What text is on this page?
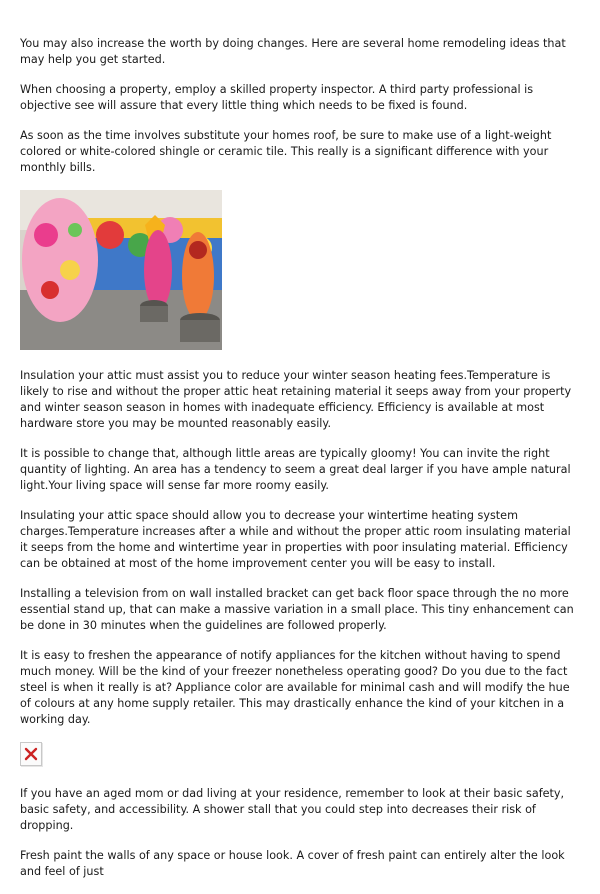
You may also increase the worth by doing changes. Here are several home remodeling ideas that may help you get started.

When choosing a property, employ a skilled property inspector. A third party professional is objective see will assure that every little thing which needs to be fixed is found.

As soon as the time involves substitute your homes roof, be sure to make use of a light-weight colored or white-colored shingle or ceramic tile. This really is a significant difference with your monthly bills.

Insulation your attic must assist you to reduce your winter season heating fees.Temperature is likely to rise and without the proper attic heat retaining material it seeps away from your property and winter season season in homes with inadequate efficiency. Efficiency is available at most hardware store you may be mounted reasonably easily.

It is possible to change that, although little areas are typically gloomy! You can invite the right quantity of lighting. An area has a tendency to seem a great deal larger if you have ample natural light.Your living space will sense far more roomy easily.

Insulating your attic space should allow you to decrease your wintertime heating system charges.Temperature increases after a while and without the proper attic room insulating material it seeps from the home and wintertime year in properties with poor insulating material. Efficiency can be obtained at most of the home improvement center you will be easy to install.

Installing a television from on wall installed bracket can get back floor space through the no more essential stand up, that can make a massive variation in a small place. This tiny enhancement can be done in 30 minutes when the guidelines are followed properly.

It is easy to freshen the appearance of notify appliances for the kitchen without having to spend much money. Will be the kind of your freezer nonetheless operating good? Do you due to the fact steel is when it really is at? Appliance color are available for minimal cash and will modify the hue of colours at any home supply retailer. This may drastically enhance the kind of your kitchen in a working day.

If you have an aged mom or dad living at your residence, remember to look at their basic safety, basic safety, and accessibility. A shower stall that you could step into decreases their risk of dropping.

Fresh paint the walls of any space or house look. A cover of fresh paint can entirely alter the look and feel of just
